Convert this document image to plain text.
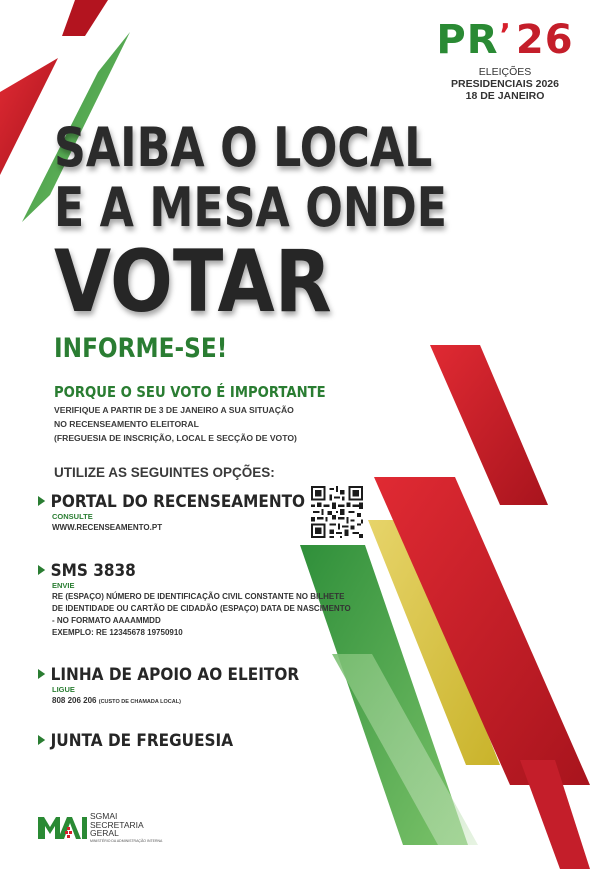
PR’ 26
ELEIÇÕES
PRESIDENCIAIS 2026
18 DE JANEIRO
SAIBA O LOCAL
E A MESA ONDE
VOTAR
INFORME-SE!
PORQUE O SEU VOTO É IMPORTANTE
VERIFIQUE A PARTIR DE 3 DE JANEIRO A SUA SITUAÇÃO
NO RECENSEAMENTO ELEITORAL
(FREGUESIA DE INSCRIÇÃO, LOCAL E SECÇÃO DE VOTO)
UTILIZE AS SEGUINTES OPÇÕES:
PORTAL DO RECENSEAMENTO
CONSULTE
WWW.RECENSEAMENTO.PT
SMS 3838
ENVIE
RE (ESPAÇO) NÚMERO DE IDENTIFICAÇÃO CIVIL CONSTANTE NO BILHETE
DE IDENTIDADE OU CARTÃO DE CIDADÃO (ESPAÇO) DATA DE NASCIMENTO
- NO FORMATO AAAAMMDD
EXEMPLO: RE 12345678 19750910
LINHA DE APOIO AO ELEITOR
LIGUE
808 206 206 (CUSTO DE CHAMADA LOCAL)
JUNTA DE FREGUESIA
SGMAI
SECRETARIA
GERAL
MINISTÉRIO DA ADMINISTRAÇÃO INTERNA
